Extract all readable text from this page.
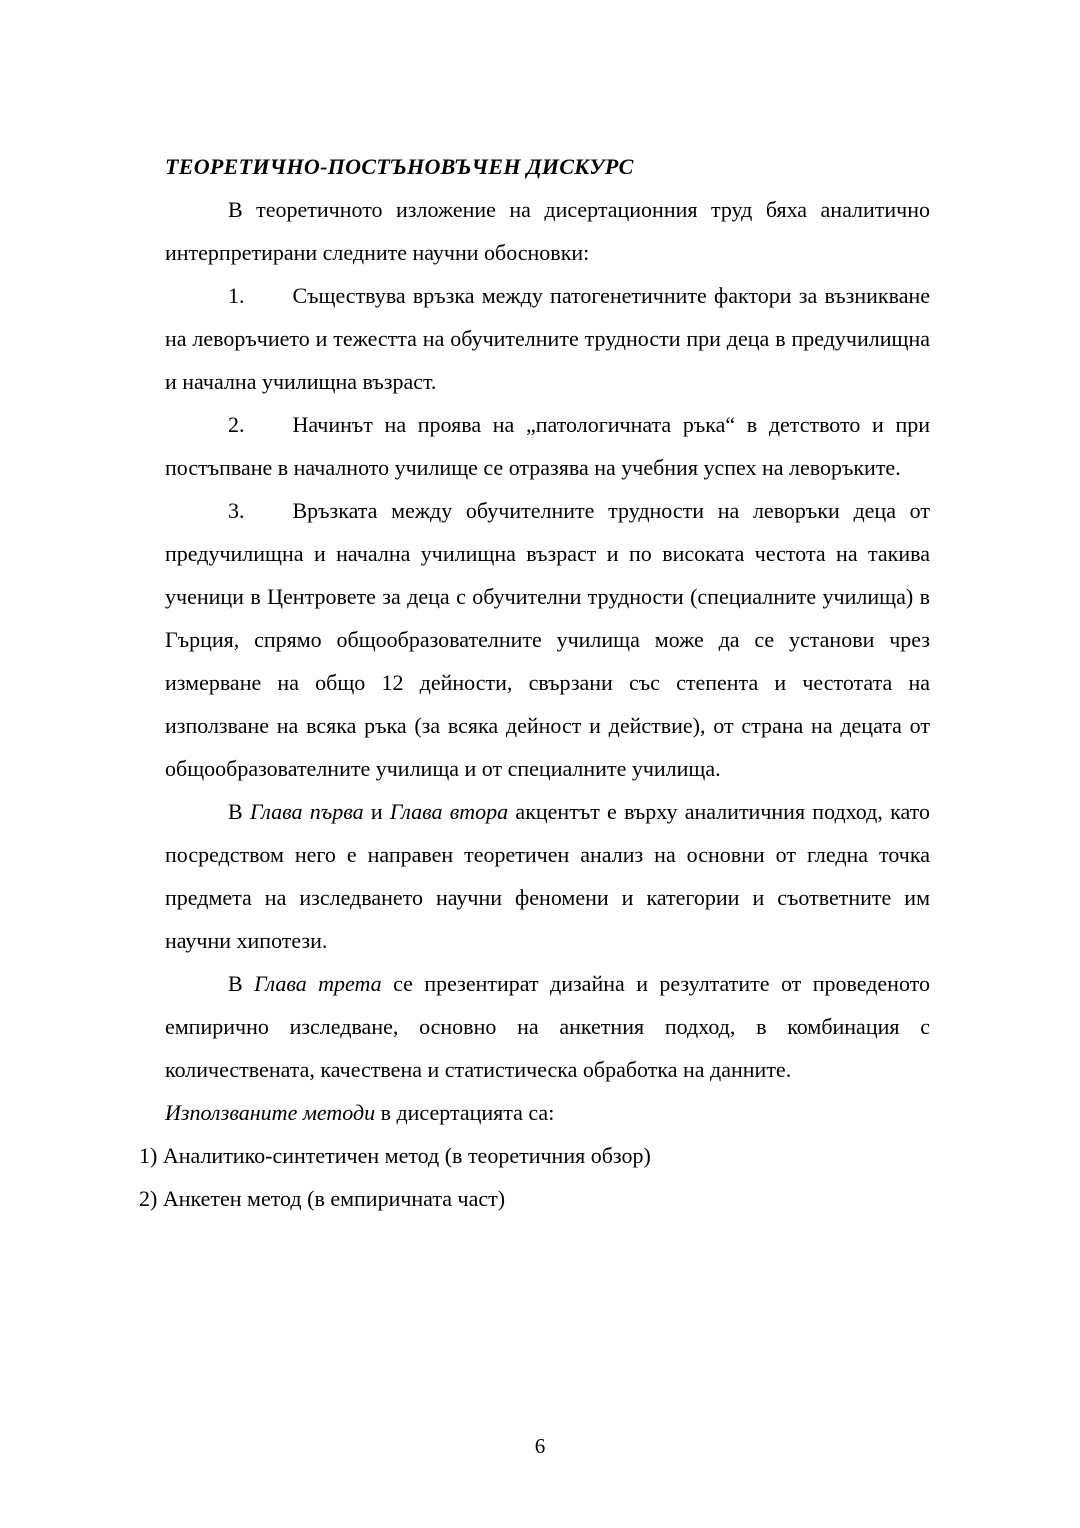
ТЕОРЕТИЧНО-ПОСТЪНОВЪЧЕН ДИСКУРС

В теоретичното изложение на дисертационния труд бяха аналитично интерпретирани следните научни обосновки:

1. Съществува връзка между патогенетичните фактори за възникване на леворъчието и тежестта на обучителните трудности при деца в предучилищна и начална училищна възраст.

2. Начинът на проява на „патологичната ръка“ в детството и при постъпване в началното училище се отразява на учебния успех на леворъките.

3. Връзката между обучителните трудности на леворъки деца от предучилищна и начална училищна възраст и по високата честота на такива ученици в Центровете за деца с обучителни трудности (специалните училища) в Гърция, спрямо общообразователните училища може да се установи чрез измерване на общо 12 дейности, свързани със степента и честотата на използване на всяка ръка (за всяка дейност и действие), от страна на децата от общообразователните училища и от специалните училища.

В Глава първа и Глава втора акцентът е върху аналитичния подход, като посредством него е направен теоретичен анализ на основни от гледна точка предмета на изследването научни феномени и категории и съответните им научни хипотези.

В Глава трета се презентират дизайна и резултатите от проведеното емпирично изследване, основно на анкетния подход, в комбинация с количествената, качествена и статистическа обработка на данните.

Използваните методи в дисертацията са:

1) Аналитико-синтетичен метод (в теоретичния обзор)

2) Анкетен метод (в емпиричната част)

6
